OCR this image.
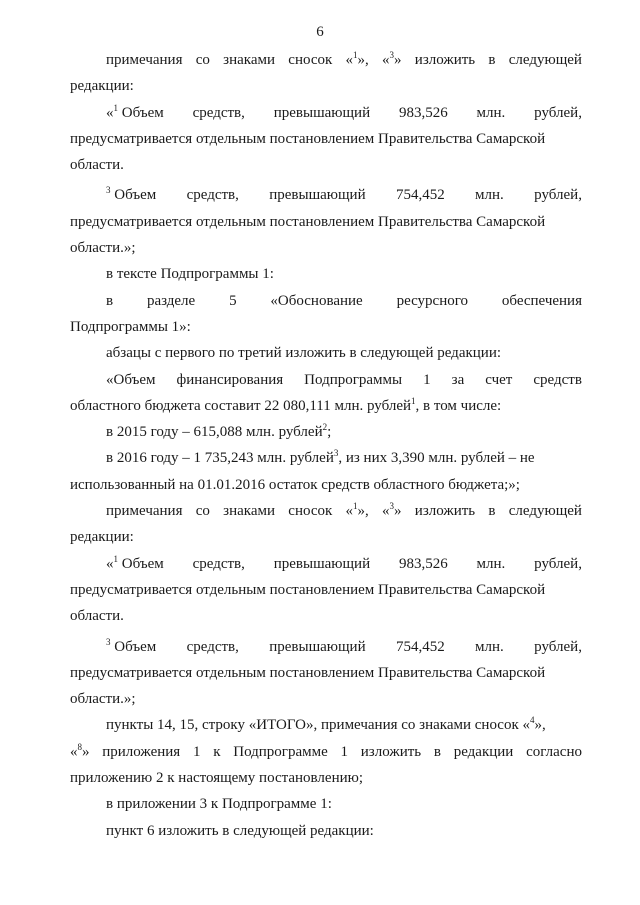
6
примечания со знаками сносок «$^1$», «$^3$» изложить в следующей
редакции:
«$^1$ Объем средств, превышающий 983,526 млн. рублей,
предусматривается отдельным постановлением Правительства Самарской
области.
$^3$ Объем средств, превышающий 754,452 млн. рублей,
предусматривается отдельным постановлением Правительства Самарской
области.»;
в тексте Подпрограммы 1:
в разделе 5 «Обоснование ресурсного обеспечения
Подпрограммы 1»:
абзацы с первого по третий изложить в следующей редакции:
«Объем финансирования Подпрограммы 1 за счет средств
областного бюджета составит 22 080,111 млн. рублей$^1$, в том числе:
в 2015 году – 615,088 млн. рублей$^2$;
в 2016 году – 1 735,243 млн. рублей$^3$, из них 3,390 млн. рублей – не
использованный на 01.01.2016 остаток средств областного бюджета;»;
примечания со знаками сносок «$^1$», «$^3$» изложить в следующей
редакции:
«$^1$ Объем средств, превышающий 983,526 млн. рублей,
предусматривается отдельным постановлением Правительства Самарской
области.
$^3$ Объем средств, превышающий 754,452 млн. рублей,
предусматривается отдельным постановлением Правительства Самарской
области.»;
пункты 14, 15, строку «ИТОГО», примечания со знаками сносок «$^4$»,
«$^8$» приложения 1 к Подпрограмме 1 изложить в редакции согласно
приложению 2 к настоящему постановлению;
в приложении 3 к Подпрограмме 1:
пункт 6 изложить в следующей редакции:
